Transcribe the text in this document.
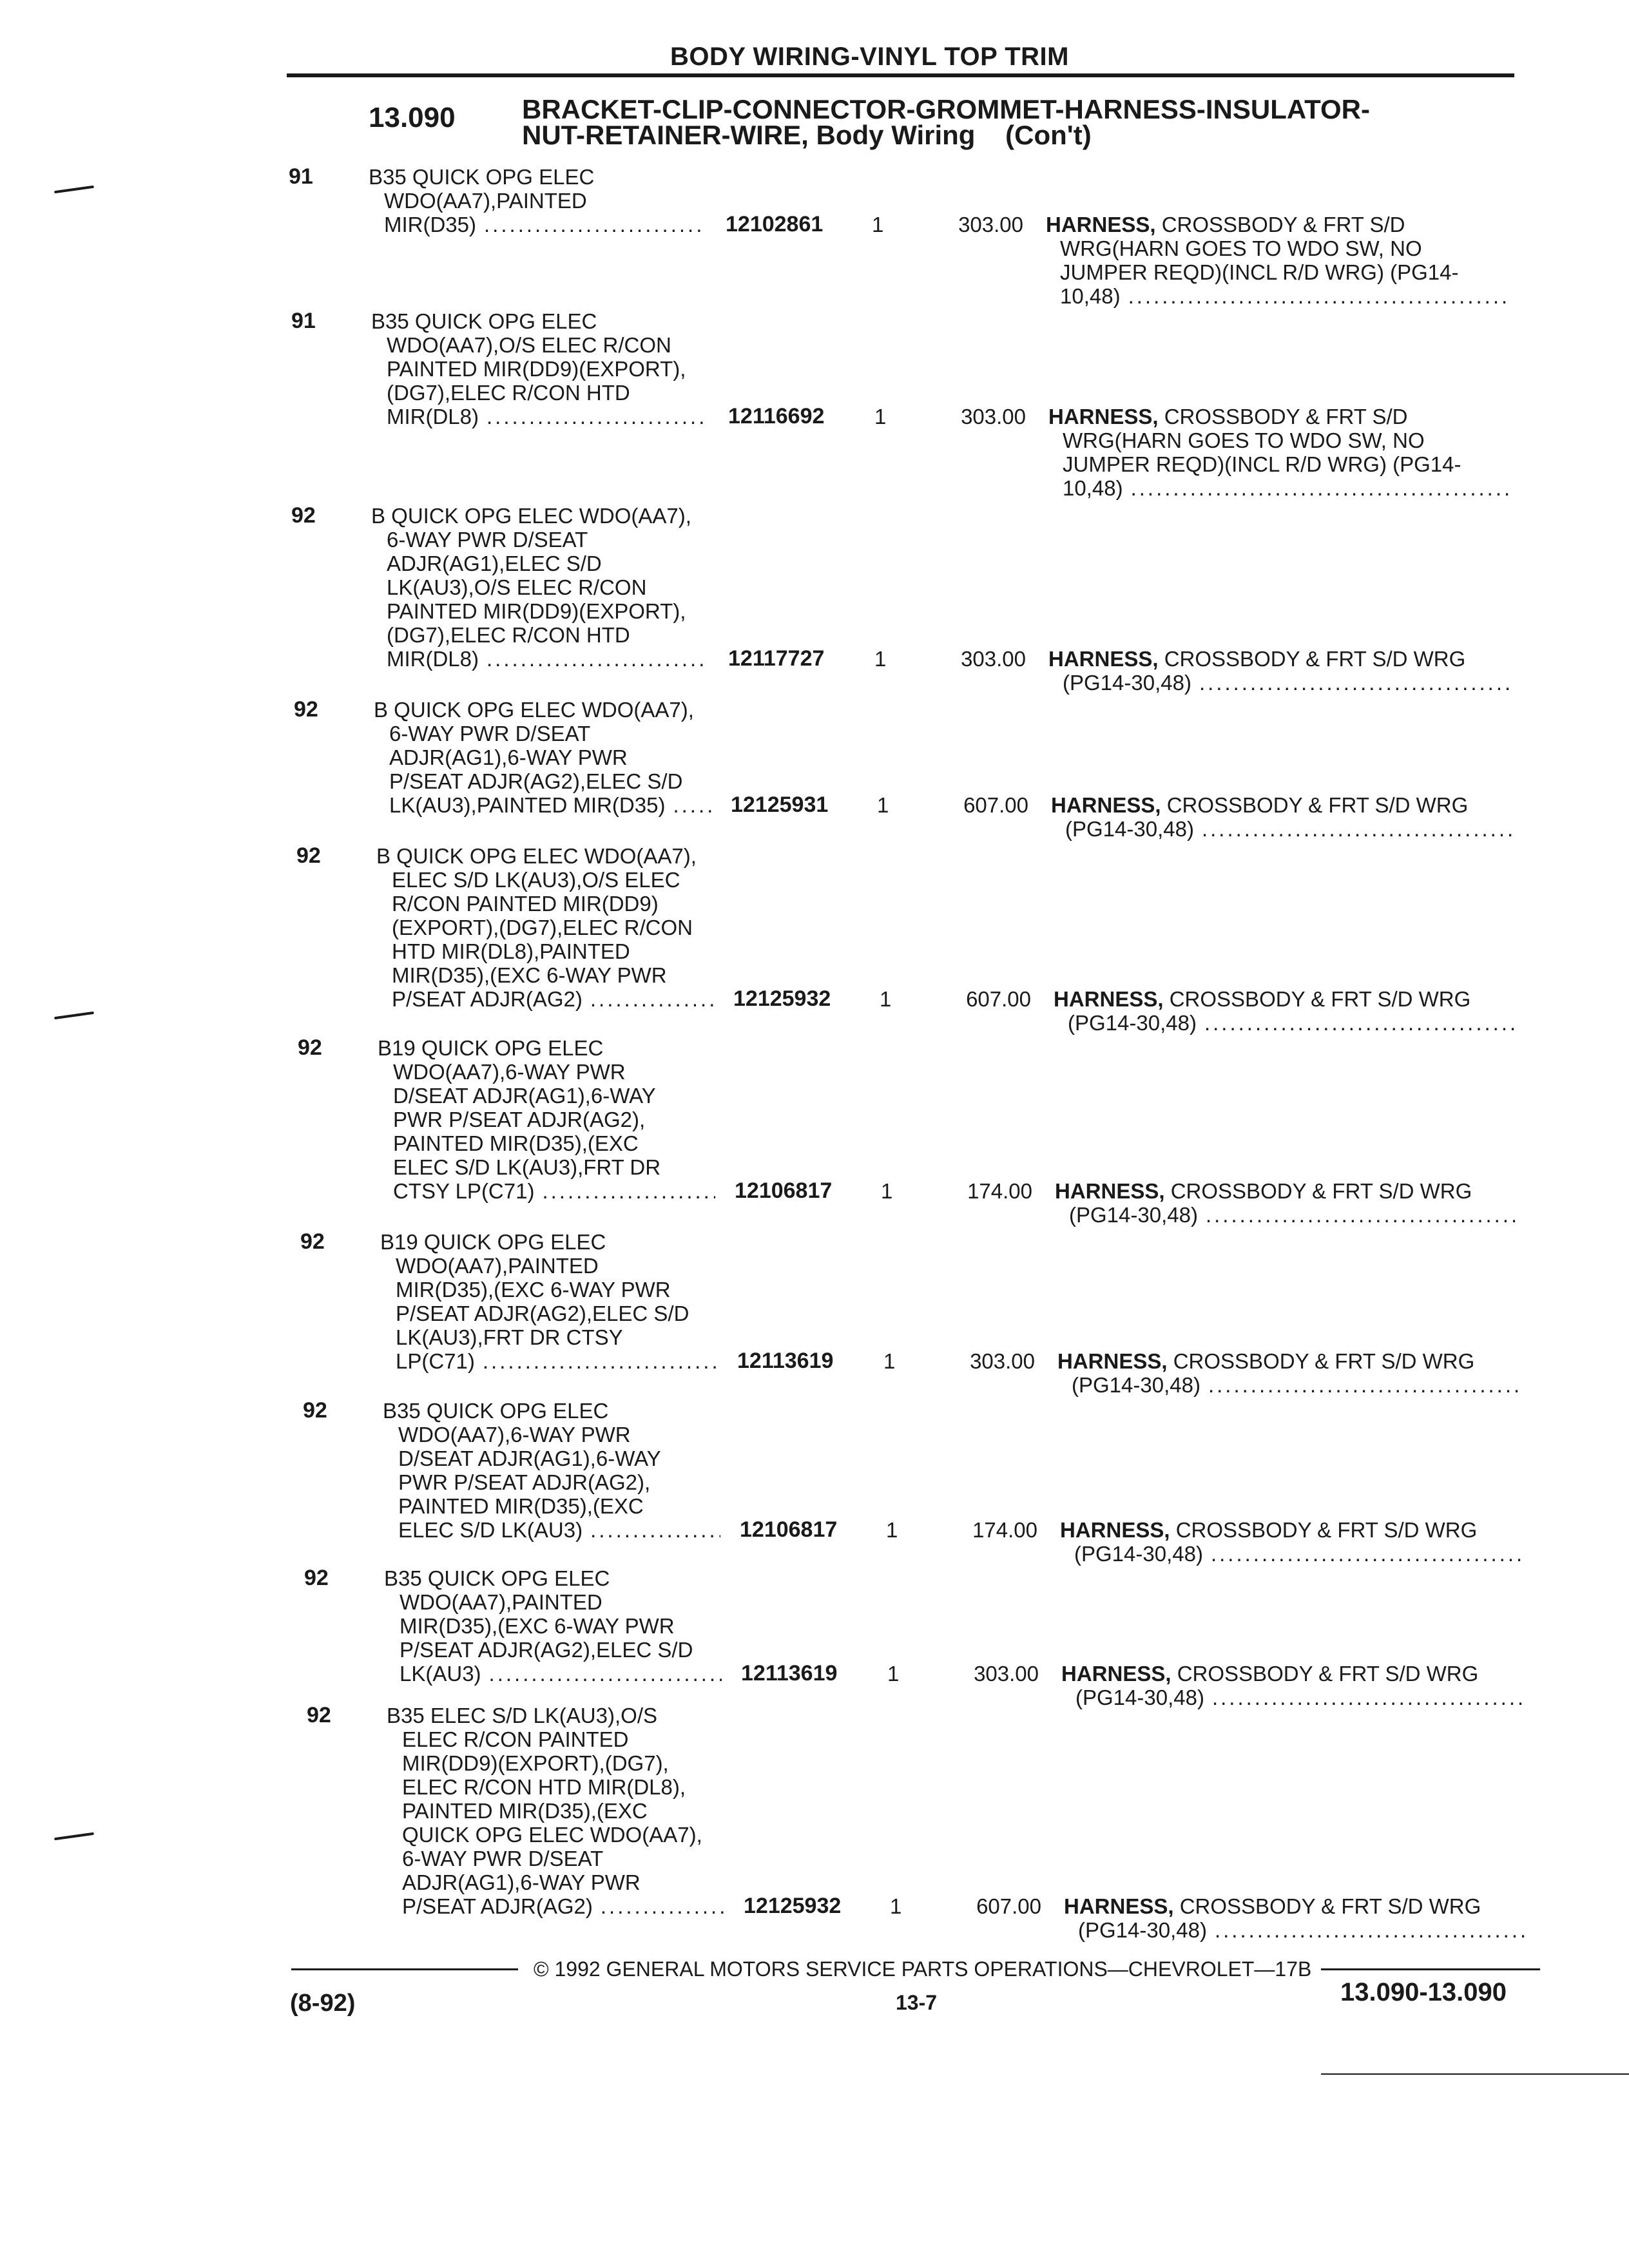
BODY WIRING-VINYL TOP TRIM
13.090 BRACKET-CLIP-CONNECTOR-GROMMET-HARNESS-INSULATOR-
NUT-RETAINER-WIRE, Body Wiring    (Con't)
91	B35 QUICK OPG ELEC
WDO(AA7),PAINTED
MIR(D35) .....	12102861 1	303.00 HARNESS, CROSSBODY & FRT S/D
WRG(HARN GOES TO WDO SW, NO
JUMPER REQD)(INCL R/D WRG) (PG14-
10,48)
.....
91	B35 QUICK OPG ELEC
WDO(AA7),O/S ELEC R/CON
PAINTED MIR(DD9)(EXPORT),
(DG7),ELEC R/CON HTD
MIR(DL8) .....	12116692 1	303.00 HARNESS, CROSSBODY & FRT S/D
WRG(HARN GOES TO WDO SW, NO
JUMPER REQD)(INCL R/D WRG) (PG14-
10,48)
.....
92	B QUICK OPG ELEC WDO(AA7),
6-WAY PWR D/SEAT
ADJR(AG1),ELEC S/D
LK(AU3),O/S ELEC R/CON
PAINTED MIR(DD9)(EXPORT),
(DG7),ELEC R/CON HTD
MIR(DL8) .....	12117727 1	303.00 HARNESS, CROSSBODY & FRT S/D WRG
(PG14-30,48)
.....
92	B QUICK OPG ELEC WDO(AA7),
6-WAY PWR D/SEAT
ADJR(AG1),6-WAY PWR
P/SEAT ADJR(AG2),ELEC S/D
LK(AU3),PAINTED MIR(D35) .....	12125931 1	607.00 HARNESS, CROSSBODY & FRT S/D WRG
(PG14-30,48)
.....
92	B QUICK OPG ELEC WDO(AA7),
ELEC S/D LK(AU3),O/S ELEC
R/CON PAINTED MIR(DD9)
(EXPORT),(DG7),ELEC R/CON
HTD MIR(DL8),PAINTED
MIR(D35),(EXC 6-WAY PWR
P/SEAT ADJR(AG2) .....	12125932 1	607.00 HARNESS, CROSSBODY & FRT S/D WRG
(PG14-30,48)
.....
92	B19 QUICK OPG ELEC
WDO(AA7),6-WAY PWR
D/SEAT ADJR(AG1),6-WAY
PWR P/SEAT ADJR(AG2),
PAINTED MIR(D35),(EXC
ELEC S/D LK(AU3),FRT DR
CTSY LP(C71) .....	12106817 1	174.00 HARNESS, CROSSBODY & FRT S/D WRG
(PG14-30,48)
.....
92	B19 QUICK OPG ELEC
WDO(AA7),PAINTED
MIR(D35),(EXC 6-WAY PWR
P/SEAT ADJR(AG2),ELEC S/D
LK(AU3),FRT DR CTSY
LP(C71) .....	12113619 1	303.00 HARNESS, CROSSBODY & FRT S/D WRG
(PG14-30,48)
.....
92	B35 QUICK OPG ELEC
WDO(AA7),6-WAY PWR
D/SEAT ADJR(AG1),6-WAY
PWR P/SEAT ADJR(AG2),
PAINTED MIR(D35),(EXC
ELEC S/D LK(AU3) .....	12106817 1	174.00 HARNESS, CROSSBODY & FRT S/D WRG
(PG14-30,48)
.....
92	B35 QUICK OPG ELEC
WDO(AA7),PAINTED
MIR(D35),(EXC 6-WAY PWR
P/SEAT ADJR(AG2),ELEC S/D
LK(AU3) .....	12113619 1	303.00 HARNESS, CROSSBODY & FRT S/D WRG
(PG14-30,48)
.....
92	B35 ELEC S/D LK(AU3),O/S
ELEC R/CON PAINTED
MIR(DD9)(EXPORT),(DG7),
ELEC R/CON HTD MIR(DL8),
PAINTED MIR(D35),(EXC
QUICK OPG ELEC WDO(AA7),
6-WAY PWR D/SEAT
ADJR(AG1),6-WAY PWR
P/SEAT ADJR(AG2) .....	12125932 1	607.00 HARNESS, CROSSBODY & FRT S/D WRG
(PG14-30,48)
.....
© 1992 GENERAL MOTORS SERVICE PARTS OPERATIONS—CHEVROLET—17B
(8-92)	13-7	13.090-13.090
